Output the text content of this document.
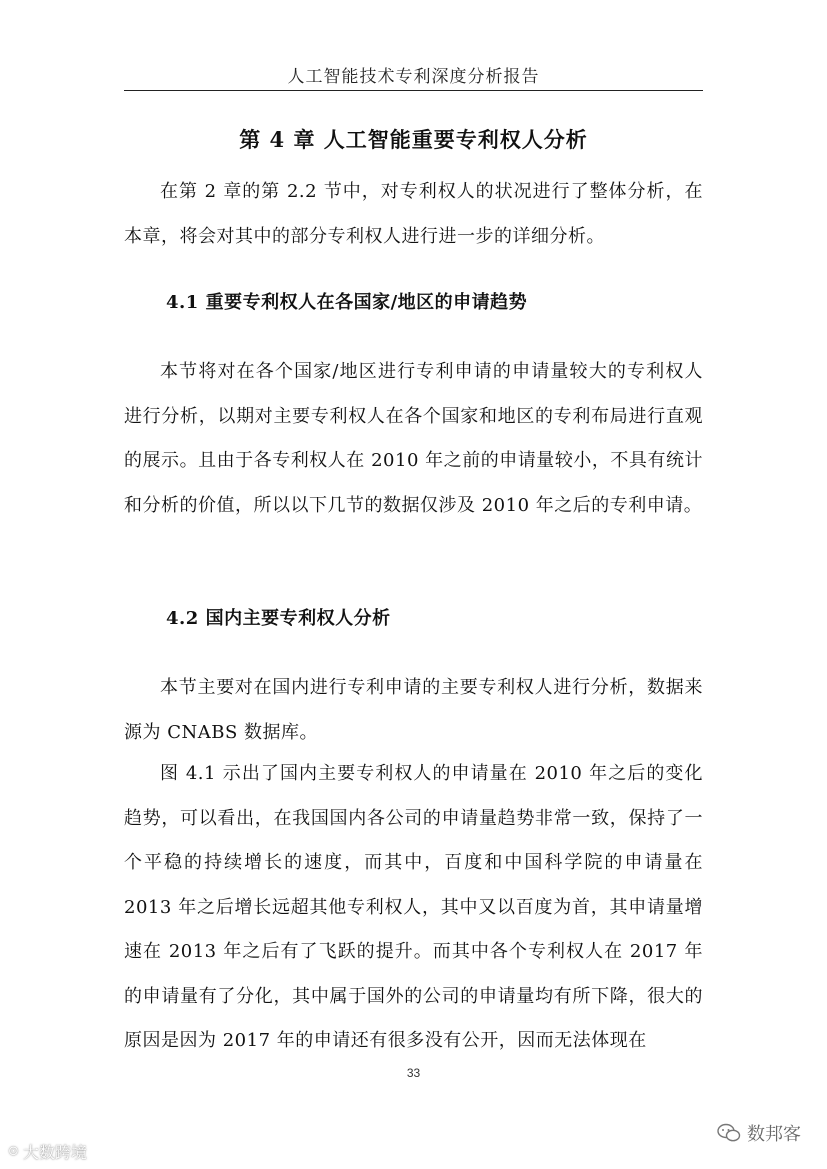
人工智能技术专利深度分析报告
第 4 章 人工智能重要专利权人分析

在第 2 章的第 2.2 节中，对专利权人的状况进行了整体分析，在本章，将会对其中的部分专利权人进行进一步的详细分析。

4.1 重要专利权人在各国家/地区的申请趋势

本节将对在各个国家/地区进行专利申请的申请量较大的专利权人进行分析，以期对主要专利权人在各个国家和地区的专利布局进行直观的展示。且由于各专利权人在 2010 年之前的申请量较小，不具有统计和分析的价值，所以以下几节的数据仅涉及 2010 年之后的专利申请。

4.2 国内主要专利权人分析

本节主要对在国内进行专利申请的主要专利权人进行分析，数据来源为 CNABS 数据库。

图 4.1 示出了国内主要专利权人的申请量在 2010 年之后的变化趋势，可以看出，在我国国内各公司的申请量趋势非常一致，保持了一个平稳的持续增长的速度，而其中，百度和中国科学院的申请量在 2013 年之后增长远超其他专利权人，其中又以百度为首，其申请量增速在 2013 年之后有了飞跃的提升。而其中各个专利权人在 2017 年的申请量有了分化，其中属于国外的公司的申请量均有所下降，很大的原因是因为 2017 年的申请还有很多没有公开，因而无法体现在

33
数邦客
⊙ 大数跨境
